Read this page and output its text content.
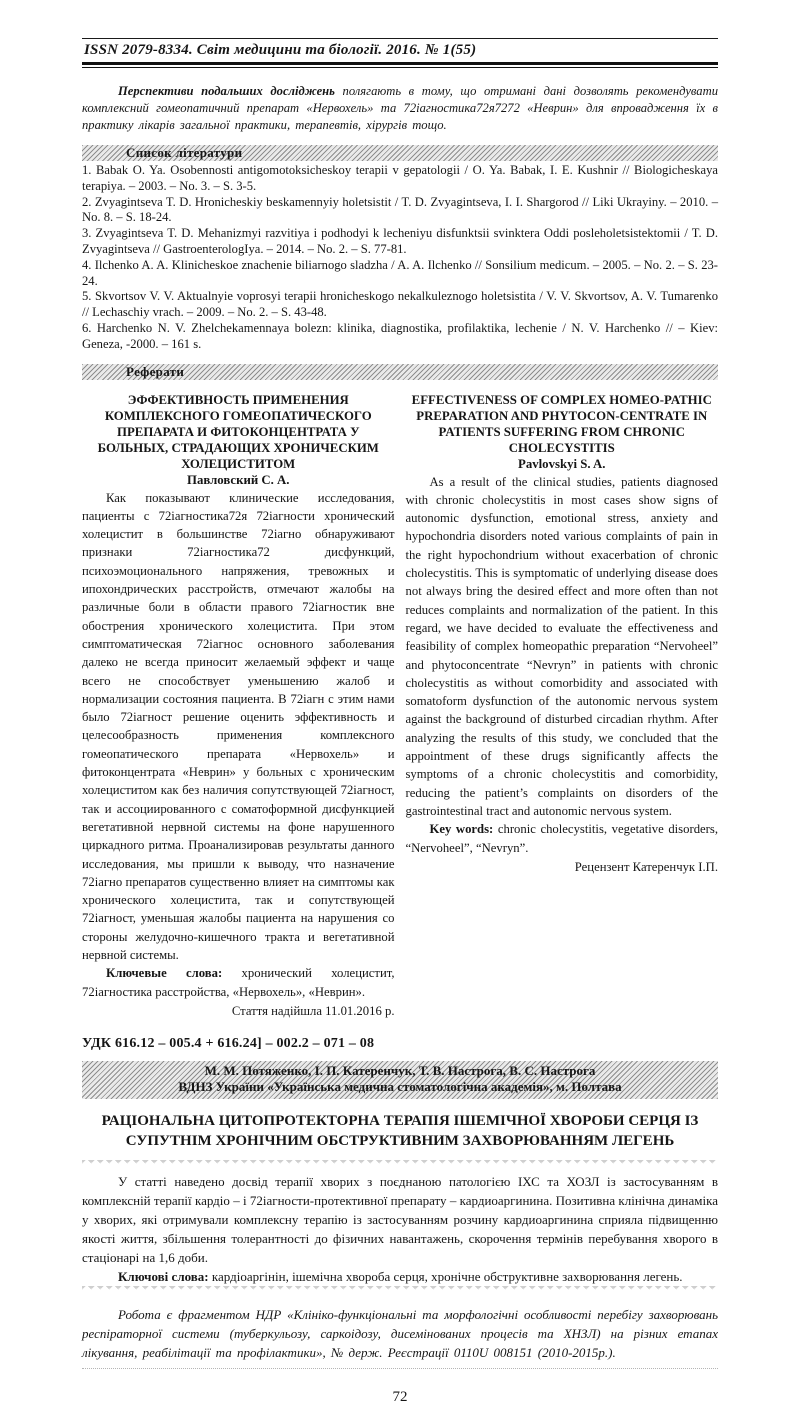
ISSN 2079-8334. Світ медицини та біології. 2016. № 1(55)

Перспективи подальших досліджень полягають в тому, що отримані дані дозволять рекомендувати комплексний гомеопатичний препарат «Нервохель» та 72іагностика72я7272 «Неврин» для впровадження їх в практику лікарів загальної практики, терапевтів, хірургів тощо.

Список літератури

1. Babak O. Ya. Osobennosti antigomotoksicheskoy terapii v gepatologii / O. Ya. Babak, I. E. Kushnir // Biologicheskaya terapiya. – 2003. – No. 3. – S. 3-5.

2. Zvyagintseva T. D. Hronicheskiy beskamennyiy holetsistit / T. D. Zvyagintseva, I. I. Shargorod // Liki Ukrayiny. – 2010. – No. 8. – S. 18-24.

3. Zvyagintseva T. D. Mehanizmyi razvitiya i podhodyi k lecheniyu disfunktsii svinktera Oddi posleholetsistektomii / T. D. Zvyagintseva // GastroenterologIya. – 2014. – No. 2. – S. 77-81.

4. Ilchenko A. A. Klinicheskoe znachenie biliarnogo sladzha / A. A. Ilchenko // Sonsilium medicum. – 2005. – No. 2. – S. 23-24.

5. Skvortsov V. V. Aktualnyie voprosyi terapii hronicheskogo nekalkuleznogo holetsistita / V. V. Skvortsov, A. V. Tumarenko // Lechaschiy vrach. – 2009. – No. 2. – S. 43-48.

6. Harchenko N. V. Zhelchekamennaya bolezn: klinika, diagnostika, profilaktika, lechenie / N. V. Harchenko // – Kiev: Geneza, -2000. – 161 s.

Реферати
ЭФФЕКТИВНОСТЬ ПРИМЕНЕНИЯ КОМПЛЕКСНОГО ГОМЕОПАТИЧЕСКОГО ПРЕПАРАТА И ФИТОКОНЦЕНТРАТА У БОЛЬНЫХ, СТРАДАЮЩИХ ХРОНИЧЕСКИМ ХОЛЕЦИСТИТОМ
Павловский С. А.

Как показывают клинические исследования, пациенты с 72іагностика72я 72іагности хронический холецистит в большинстве 72іагно обнаруживают признаки 72іагностика72 дисфункций, психоэмоционального напряжения, тревожных и ипохондрических расстройств, отмечают жалобы на различные боли в области правого 72іагностик вне обострения хронического холецистита. При этом симптоматическая 72іагнос основного заболевания далеко не всегда приносит желаемый эффект и чаще всего не способствует уменьшению жалоб и нормализации состояния пациента. В 72іагн с этим нами было 72іагност решение оценить эффективность и целесообразность применения комплексного гомеопатического препарата «Нервохель» и фитоконцентрата «Неврин» у больных с хроническим холециститом как без наличия сопутствующей 72іагност, так и ассоциированного с соматоформной дисфункцией вегетативной нервной системы на фоне нарушенного циркадного ритма. Проанализировав результаты данного исследования, мы пришли к выводу, что назначение 72іагно препаратов существенно влияет на симптомы как хронического холецистита, так и сопутствующей 72іагност, уменьшая жалобы пациента на нарушения со стороны желудочно-кишечного тракта и вегетативной нервной системы.

Ключевые слова: хронический холецистит, 72іагностика расстройства, «Нервохель», «Неврин».

Стаття надійшла 11.01.2016 р.

EFFECTIVENESS OF COMPLEX HOMEO-PATHIC PREPARATION AND PHYTOCON-CENTRATE IN PATIENTS SUFFERING FROM CHRONIC CHOLECYSTITIS
Pavlovskyi S. A.

As a result of the clinical studies, patients diagnosed with chronic cholecystitis in most cases show signs of autonomic dysfunction, emotional stress, anxiety and hypochondria disorders noted various complaints of pain in the right hypochondrium without exacerbation of chronic cholecystitis. This is symptomatic of underlying disease does not always bring the desired effect and more often than not reduces complaints and normalization of the patient. In this regard, we have decided to evaluate the effectiveness and feasibility of complex homeopathic preparation “Nervoheel” and phytoconcentrate “Nevryn” in patients with chronic cholecystitis as without comorbidity and associated with somatoform dysfunction of the autonomic nervous system against the background of disturbed circadian rhythm. After analyzing the results of this study, we concluded that the appointment of these drugs significantly affects the symptoms of a chronic cholecystitis and comorbidity, reducing the patient’s complaints on disorders of the gastrointestinal tract and autonomic nervous system.

Key words: chronic cholecystitis, vegetative disorders, “Nervoheel”, “Nevryn”.

Рецензент Катеренчук І.П.

УДК 616.12 – 005.4 + 616.24] – 002.2 – 071 – 08
М. М. Потяженко, І. П. Катеренчук, Т. В. Настрога, В. С. Настрога
ВДНЗ України «Українська медична стоматологічна академія», м. Полтава
РАЦІОНАЛЬНА ЦИТОПРОТЕКТОРНА ТЕРАПІЯ ІШЕМІЧНОЇ ХВОРОБИ СЕРЦЯ ІЗ СУПУТНІМ ХРОНІЧНИМ ОБСТРУКТИВНИМ ЗАХВОРЮВАННЯМ ЛЕГЕНЬ

У статті наведено досвід терапії хворих з поєднаною патологією ІХС та ХОЗЛ із застосуванням в комплексній терапії кардіо – і 72іагности-протективної препарату – кардиоаргинина. Позитивна клінічна динаміка у хворих, які отримували комплексну терапію із застосуванням розчину кардиоаргинина сприяла підвищенню якості життя, збільшення толерантності до фізичних навантажень, скорочення термінів перебування хворого в стаціонарі на 1,6 доби.

Ключові слова: кардіоаргінін, ішемічна хвороба серця, хронічне обструктивне захворювання легень.

Робота є фрагментом НДР «Клініко-функціональні та морфологічні особливості перебігу захворювань респіраторної системи (туберкульозу, саркоідозу, дисемінованих процесів та ХНЗЛ) на різних етапах лікування, реабілітації та профілактики», № держ. Реєстрації 0110U 008151 (2010-2015р.).

72
